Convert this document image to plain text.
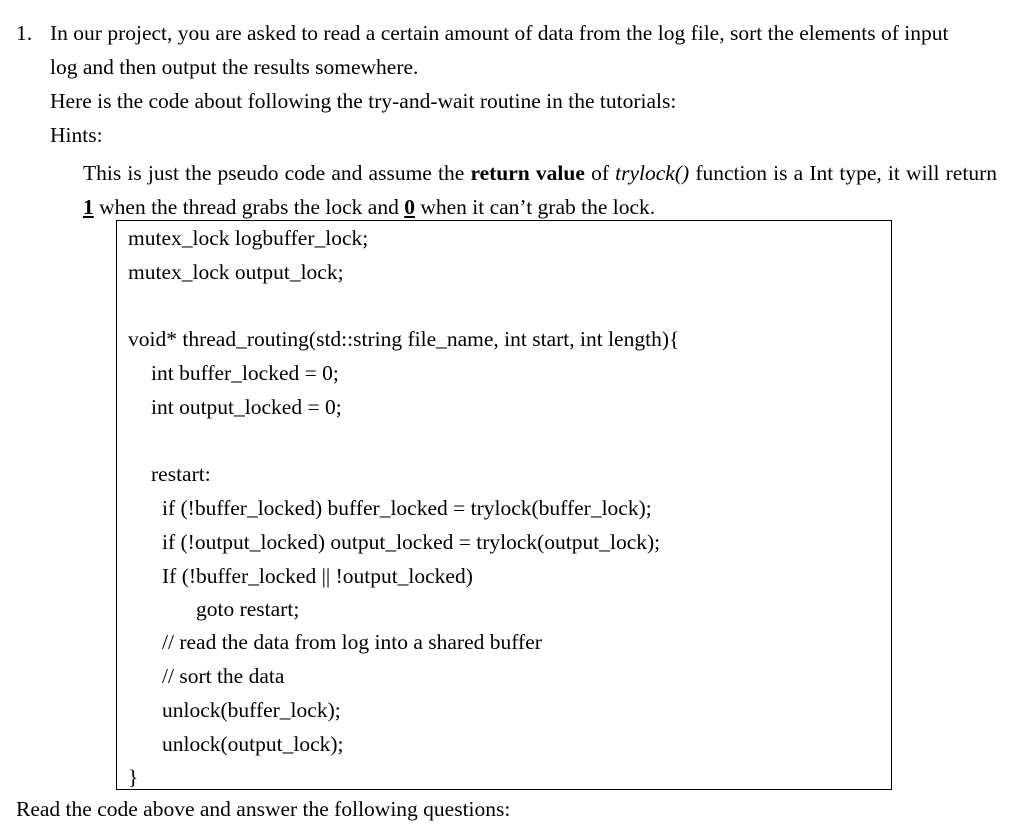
1. In our project, you are asked to read a certain amount of data from the log file, sort the elements of input
log and then output the results somewhere.
Here is the code about following the try-and-wait routine in the tutorials:
Hints:
This is just the pseudo code and assume the return value of trylock() function is a Int type, it will return 1 when the thread grabs the lock and 0 when it can’t grab the lock.
mutex_lock logbuffer_lock;
mutex_lock output_lock;
void* thread_routing(std::string file_name, int start, int length){
int buffer_locked = 0;
int output_locked = 0;
restart:
if (!buffer_locked) buffer_locked = trylock(buffer_lock);
if (!output_locked) output_locked = trylock(output_lock);
If (!buffer_locked || !output_locked)
goto restart;
// read the data from log into a shared buffer
// sort the data
unlock(buffer_lock);
unlock(output_lock);
}
Read the code above and answer the following questions:
